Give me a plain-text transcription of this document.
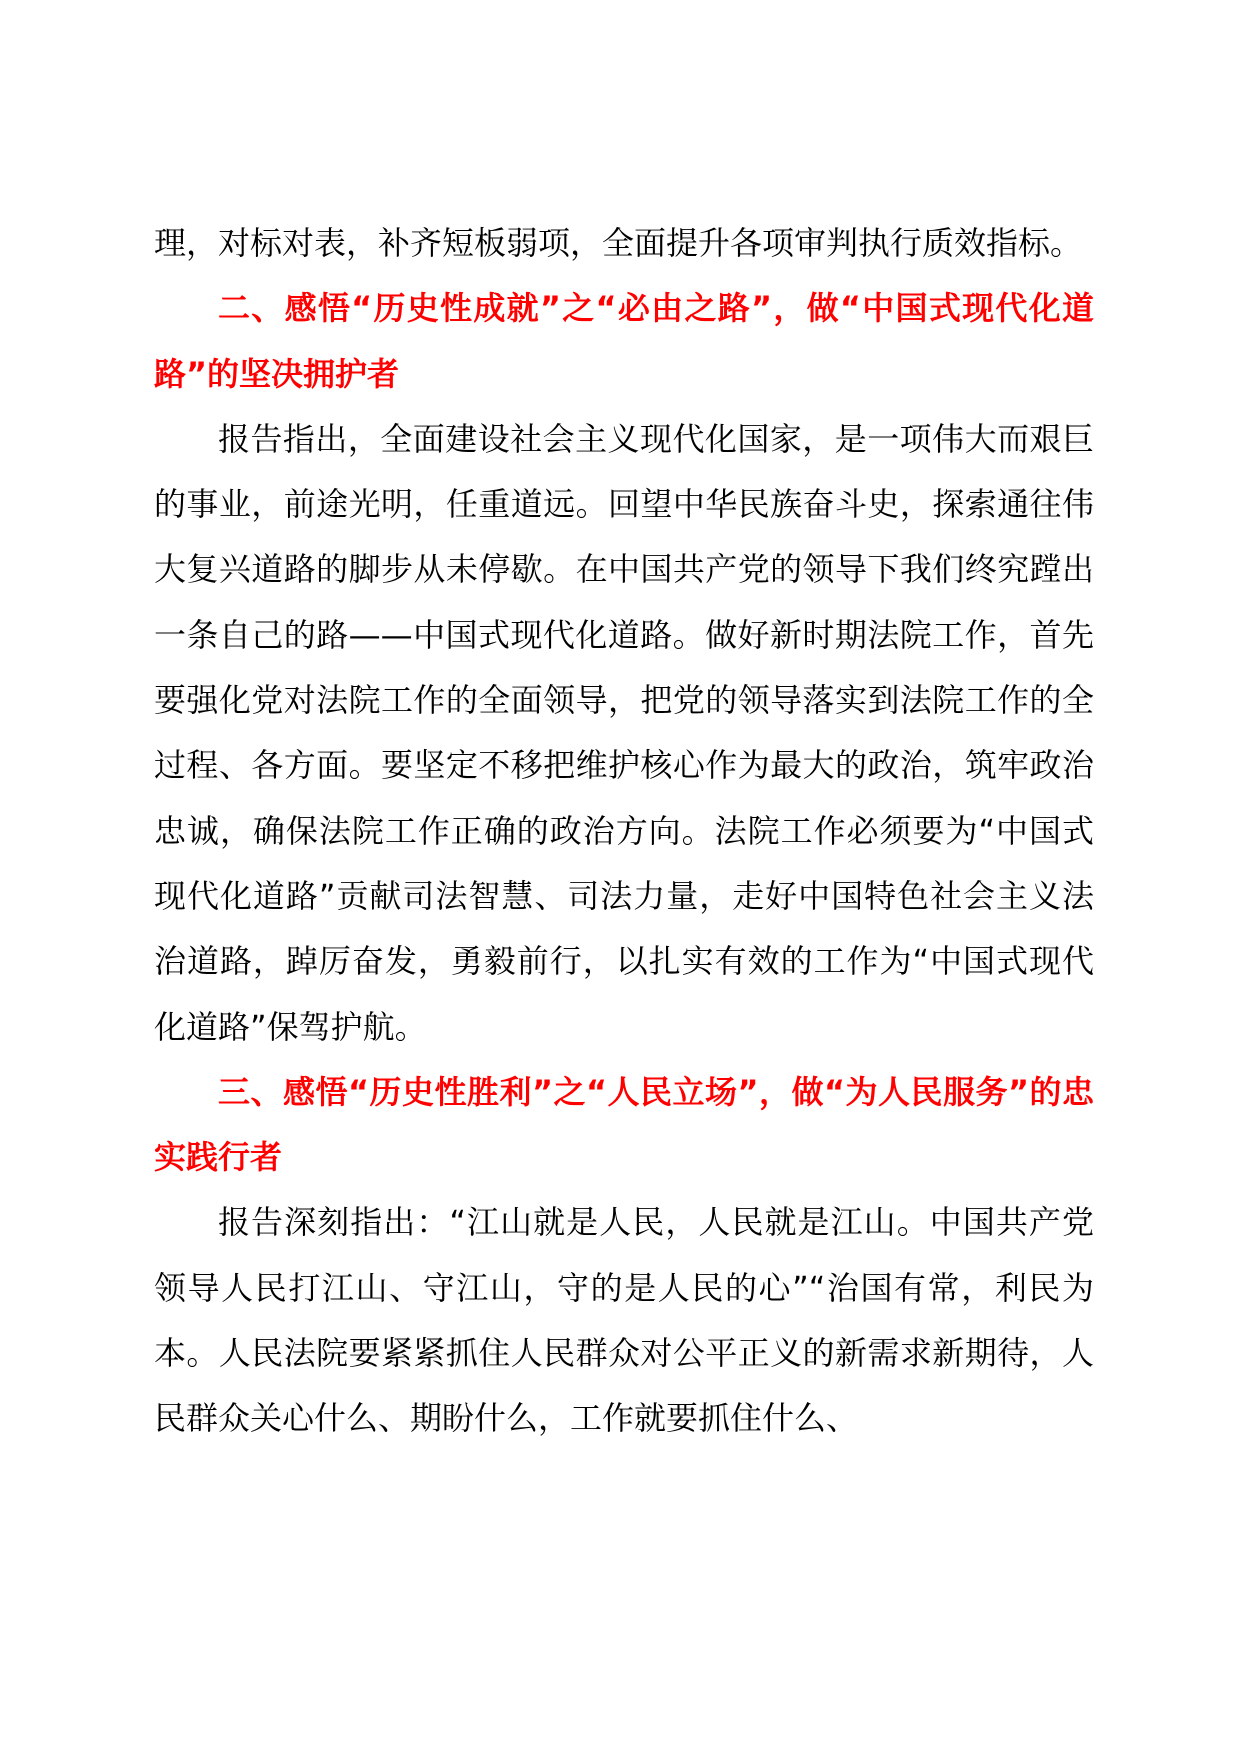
理，对标对表，补齐短板弱项，全面提升各项审判执行质效指标。

二、感悟“历史性成就”之“必由之路”，做“中国式现代化道路”的坚决拥护者

报告指出，全面建设社会主义现代化国家，是一项伟大而艰巨的事业，前途光明，任重道远。回望中华民族奋斗史，探索通往伟大复兴道路的脚步从未停歇。在中国共产党的领导下我们终究蹚出一条自己的路——中国式现代化道路。做好新时期法院工作，首先要强化党对法院工作的全面领导，把党的领导落实到法院工作的全过程、各方面。要坚定不移把维护核心作为最大的政治，筑牢政治忠诚，确保法院工作正确的政治方向。法院工作必须要为“中国式现代化道路”贡献司法智慧、司法力量，走好中国特色社会主义法治道路，踔厉奋发，勇毅前行，以扎实有效的工作为“中国式现代化道路”保驾护航。

三、感悟“历史性胜利”之“人民立场”，做“为人民服务”的忠实践行者

报告深刻指出：“江山就是人民，人民就是江山。中国共产党领导人民打江山、守江山，守的是人民的心”“治国有常，利民为本。人民法院要紧紧抓住人民群众对公平正义的新需求新期待，人民群众关心什么、期盼什么，工作就要抓住什么、
